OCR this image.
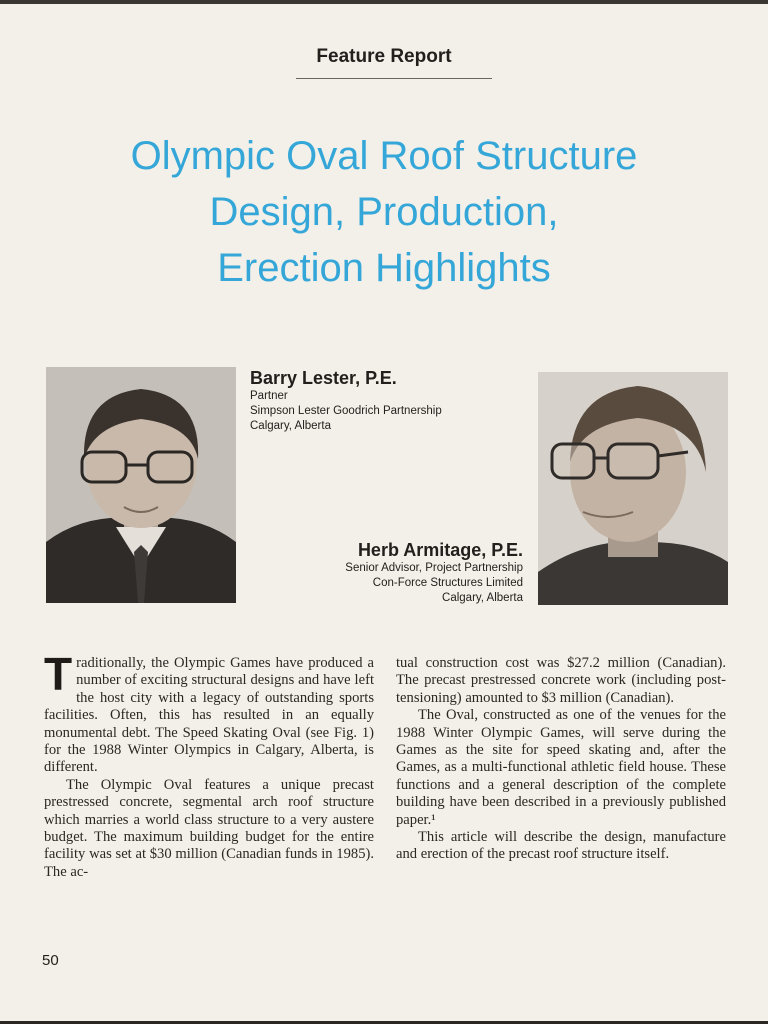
Feature Report
Olympic Oval Roof Structure
Design, Production,
Erection Highlights
Barry Lester, P.E.
Partner
Simpson Lester Goodrich Partnership
Calgary, Alberta
Herb Armitage, P.E.
Senior Advisor, Project Partnership
Con-Force Structures Limited
Calgary, Alberta

Traditionally, the Olympic Games have produced a number of exciting structural designs and have left the host city with a legacy of outstanding sports facilities. Often, this has resulted in an equally monumental debt. The Speed Skating Oval (see Fig. 1) for the 1988 Winter Olympics in Calgary, Alberta, is different.

The Olympic Oval features a unique precast prestressed concrete, segmental arch roof structure which marries a world class structure to a very austere budget. The maximum building budget for the entire facility was set at $30 million (Canadian funds in 1985). The ac-

tual construction cost was $27.2 million (Canadian). The precast prestressed concrete work (including post-tensioning) amounted to $3 million (Canadian).

The Oval, constructed as one of the venues for the 1988 Winter Olympic Games, will serve during the Games as the site for speed skating and, after the Games, as a multi-functional athletic field house. These functions and a general description of the complete building have been described in a previously published paper.¹

This article will describe the design, manufacture and erection of the precast roof structure itself.

50
